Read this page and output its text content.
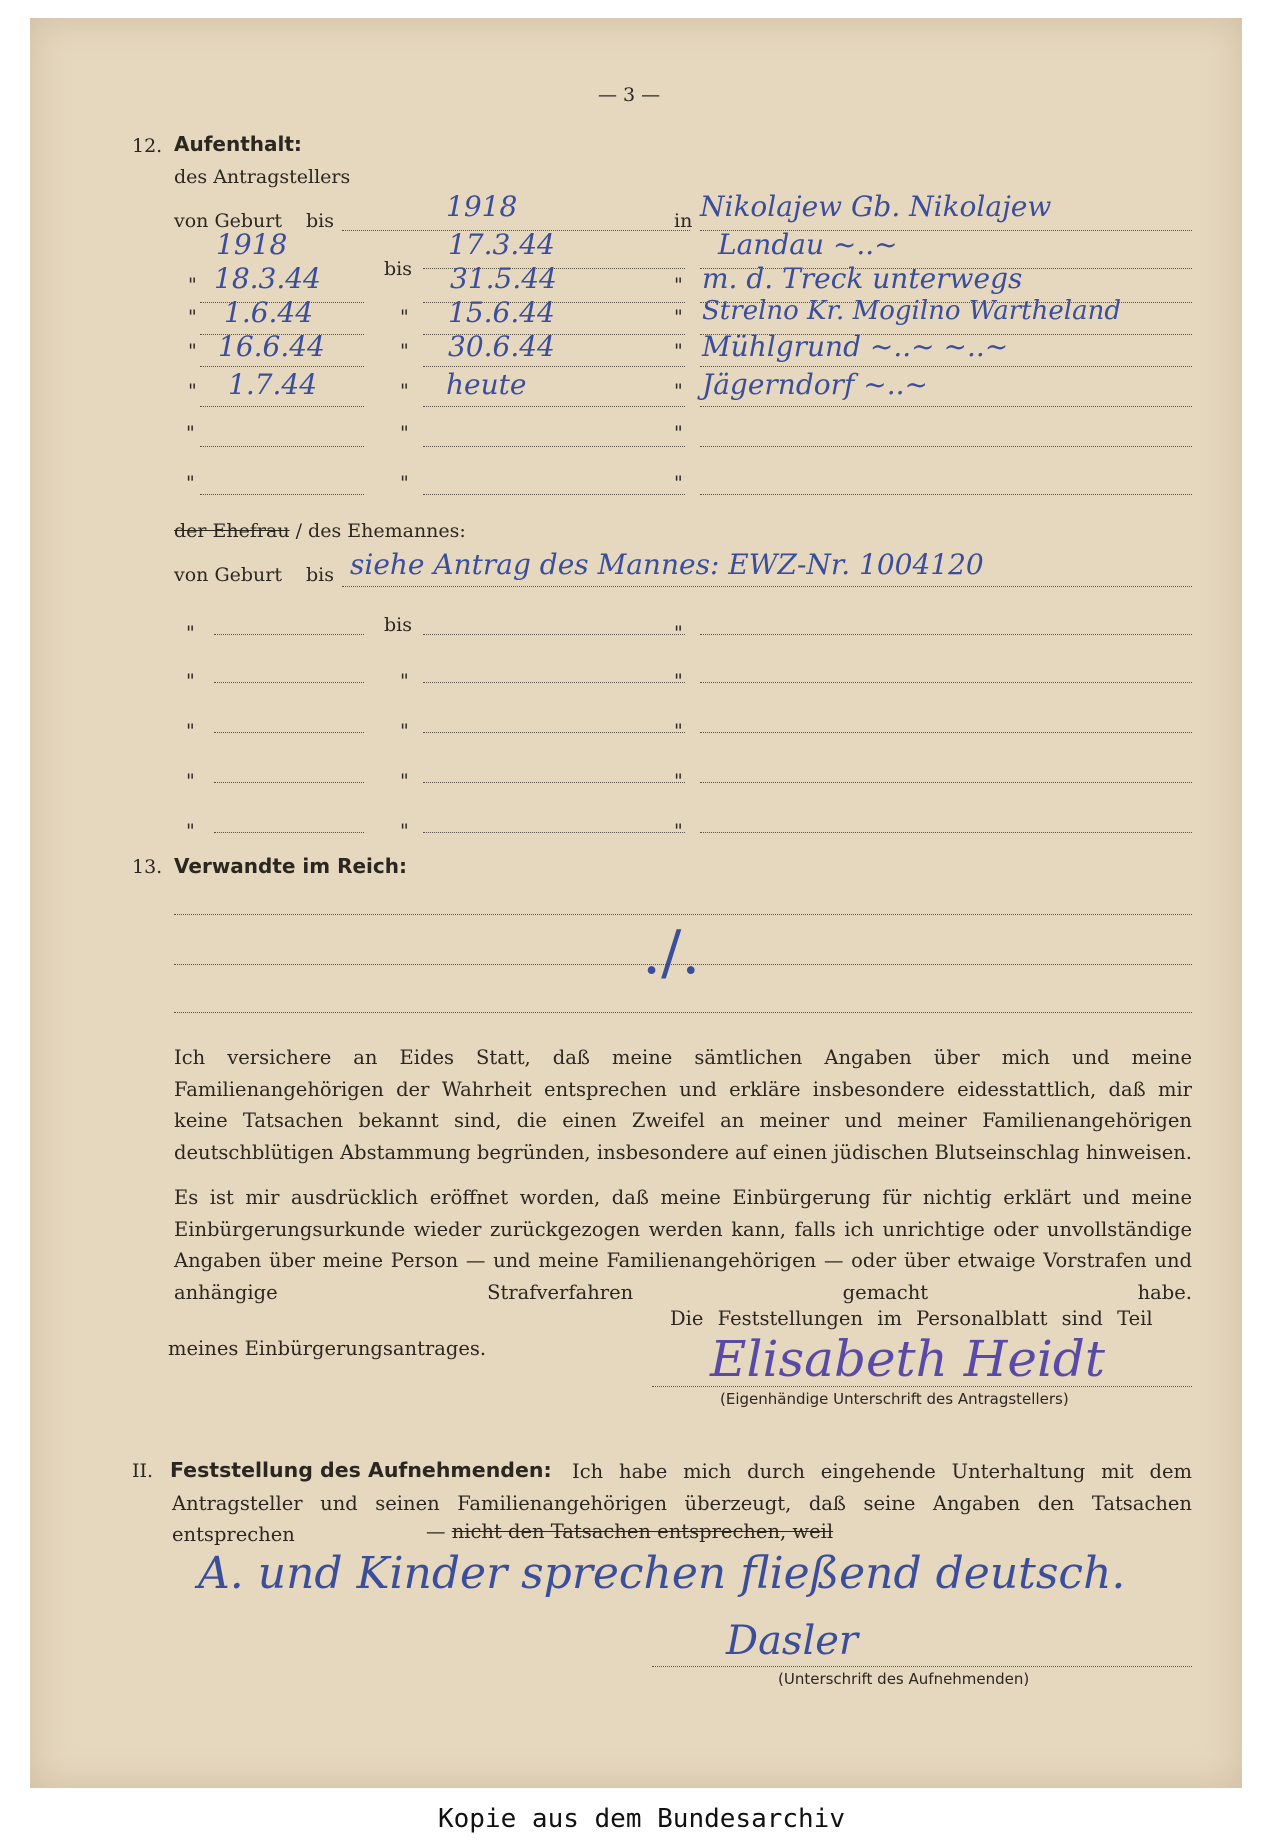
— 3 —
12. Aufenthalt:
des Antragstellers
von Geburt bis	1918	in Nikolajew Gb. Nikolajew
1918	17.3.44	Landau ~..~
" 18.3.44	bis 31.5.44	" m. d. Treck unterwegs
" 1.6.44	" 15.6.44	" Strelno Kr. Mogilno Wartheland
" 16.6.44	" 30.6.44	" Mühlgrund ~..~ ~..~
" 1.7.44	" heute	" Jägerndorf ~..~
"	"	"
"	"	"
der Ehefrau / des Ehemannes:
von Geburt bis siehe Antrag des Mannes: EWZ-Nr. 1004120
"	bis	"
"	"	"
"	"	"
"	"	"
"	"	"
13. Verwandte im Reich:
./.
Ich versichere an Eides Statt, daß meine sämtlichen Angaben über mich und meine Familienangehörigen der Wahrheit entsprechen und erkläre insbesondere eidesstattlich, daß mir keine Tatsachen bekannt sind, die einen Zweifel an meiner und meiner Familienangehörigen deutschblütigen Abstammung begründen, insbesondere auf einen jüdischen Blutseinschlag hinweisen.
Es ist mir ausdrücklich eröffnet worden, daß meine Einbürgerung für nichtig erklärt und meine Einbürgerungsurkunde wieder zurückgezogen werden kann, falls ich unrichtige oder unvollständige Angaben über meine Person — und meine Familienangehörigen — oder über etwaige Vorstrafen und anhängige Strafverfahren gemacht habe.
Die Feststellungen im Personalblatt sind Teil
meines Einbürgerungsantrages.	Elisabeth Heidt
(Eigenhändige Unterschrift des Antragstellers)
II. Feststellung des Aufnehmenden:	Ich habe mich durch eingehende Unterhaltung mit dem Antragsteller und seinen Familienangehörigen überzeugt, daß seine Angaben den Tatsachen entsprechen	— nicht den Tatsachen entsprechen, weil
A. und Kinder sprechen fließend deutsch.
Dasler
(Unterschrift des Aufnehmenden)
Kopie aus dem Bundesarchiv
